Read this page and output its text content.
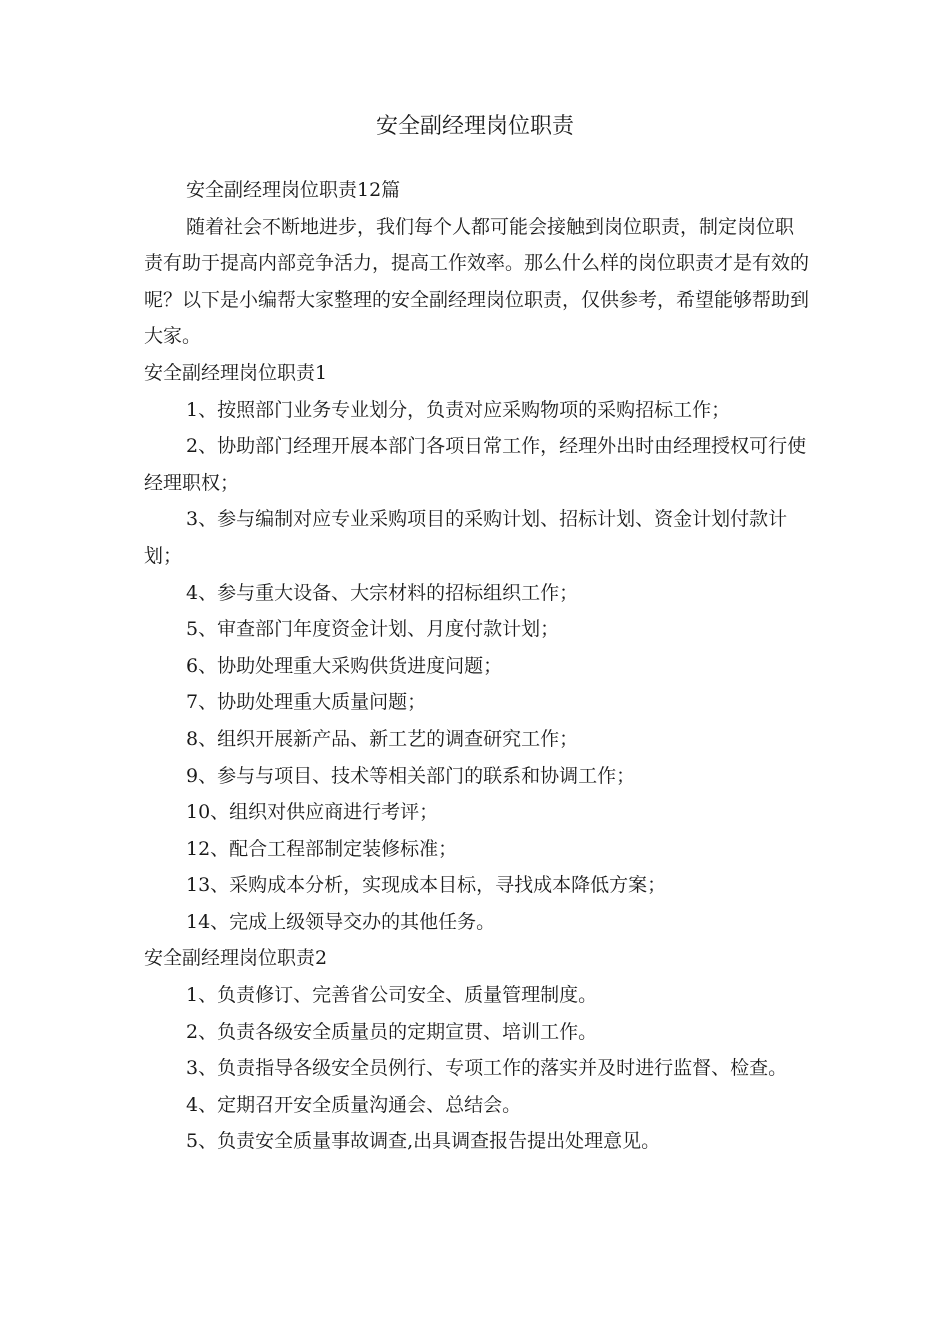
安全副经理岗位职责

安全副经理岗位职责12篇

随着社会不断地进步，我们每个人都可能会接触到岗位职责，制定岗位职责有助于提高内部竞争活力，提高工作效率。那么什么样的岗位职责才是有效的呢？以下是小编帮大家整理的安全副经理岗位职责，仅供参考，希望能够帮助到大家。

安全副经理岗位职责1

1、按照部门业务专业划分，负责对应采购物项的采购招标工作；

2、协助部门经理开展本部门各项日常工作，经理外出时由经理授权可行使经理职权；

3、参与编制对应专业采购项目的采购计划、招标计划、资金计划付款计划；

4、参与重大设备、大宗材料的招标组织工作；

5、审查部门年度资金计划、月度付款计划；

6、协助处理重大采购供货进度问题；

7、协助处理重大质量问题；

8、组织开展新产品、新工艺的调查研究工作；

9、参与与项目、技术等相关部门的联系和协调工作；

10、组织对供应商进行考评；

12、配合工程部制定装修标准；

13、采购成本分析，实现成本目标，寻找成本降低方案；

14、完成上级领导交办的其他任务。

安全副经理岗位职责2

1、负责修订、完善省公司安全、质量管理制度。

2、负责各级安全质量员的定期宣贯、培训工作。

3、负责指导各级安全员例行、专项工作的落实并及时进行监督、检查。

4、定期召开安全质量沟通会、总结会。

5、负责安全质量事故调查,出具调查报告提出处理意见。
